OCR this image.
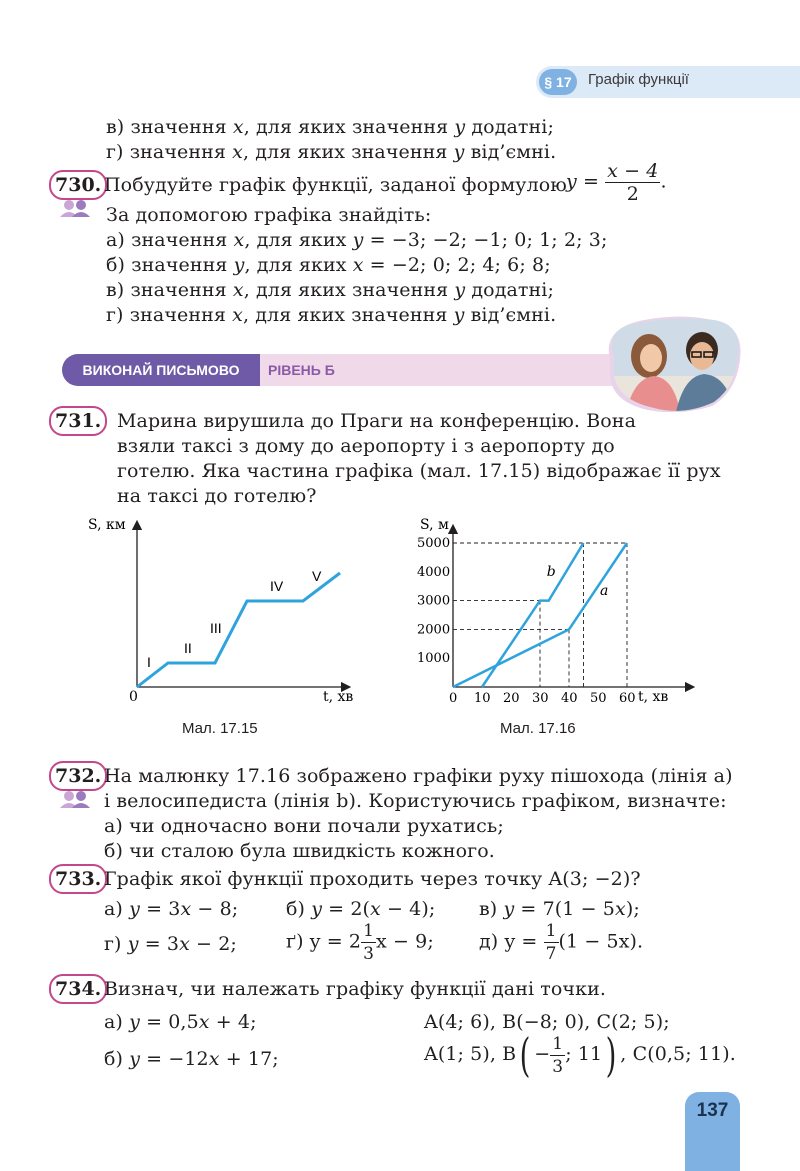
§ 17	Графік функції
в) значення x, для яких значення y додатні;
г) значення x, для яких значення y від’ємні.
730. Побудуйте графік функції, заданої формулою $y = \frac{x - 4}{2}$ .
За допомогою графіка знайдіть:
а) значення x, для яких y = −3; −2; −1; 0; 1; 2; 3;
б) значення y, для яких x = −2; 0; 2; 4; 6; 8;
в) значення x, для яких значення y додатні;
г) значення x, для яких значення y від’ємні.
ВИКОНАЙ ПИСЬМОВО	РІВЕНЬ Б
731. Марина вирушила до Праги на конференцію. Вона
взяли таксі з дому до аеропорту і з аеропорту до
готелю. Яка частина графіка (мал. 17.15) відображає її рух
на таксі до готелю?
S, км
t, хв
0
I
II
III
IV
V
0 10 20 30 40 50 60
1000
2000
3000
4000
5000
a
b
S, м
t, хв
Мал. 17.15	Мал. 17.16
732. На малюнку 17.16 зображено графіки руху пішохода (лінія a)
і велосипедиста (лінія b). Користуючись графіком, визначте:
а) чи одночасно вони почали рухатись;
б) чи сталою була швидкість кожного.
733. Графік якої функції проходить через точку A(3; −2)?
а) y = 3x − 8;	б) y = 2(x − 4); в) y = 7(1 − 5x);
г) y = 3x − 2;	ґ) $y = 2 \frac{1}{3}$ x − 9; д) $y = \frac{1}{7} (1 - 5x)$.
734. Визнач, чи належать графіку функції дані точки.
а) y = 0,5x + 4;	A(4; 6), B(−8; 0), C(2; 5);
б) y = −12x + 17;	A(1; 5), $B( - \frac{1}{3}$ ; 11) , C(0,5; 11).
137
